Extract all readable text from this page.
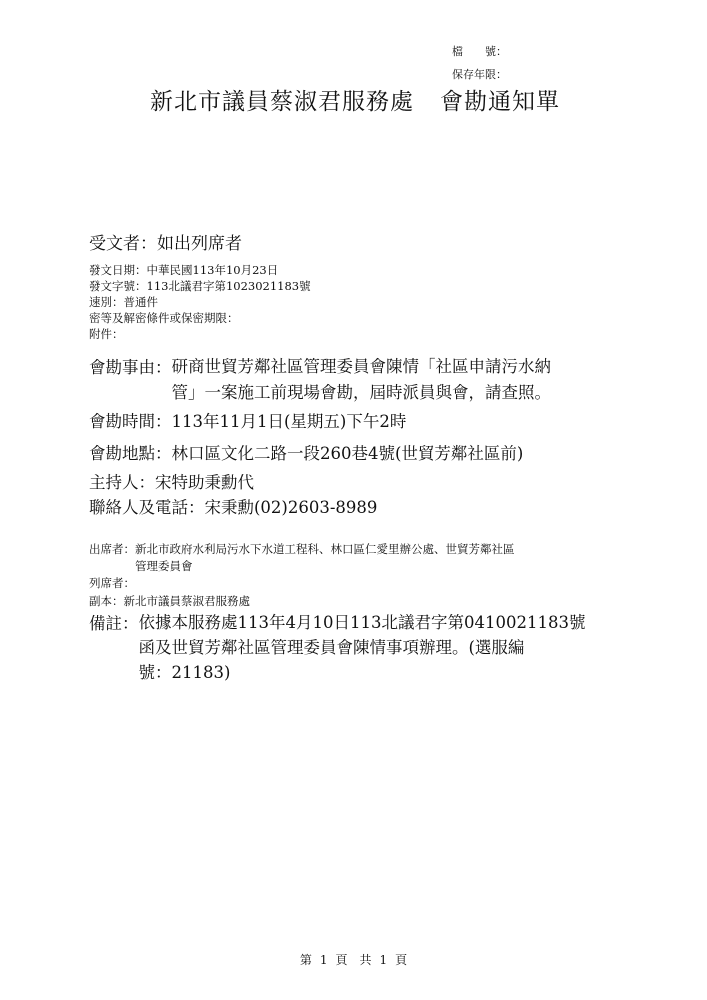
檔　　號：
保存年限：
新北市議員蔡淑君服務處 會勘通知單
受文者：如出列席者
發文日期：中華民國113年10月23日
發文字號：113北議君字第1023021183號
速別：普通件
密等及解密條件或保密期限：
附件：
會勘事由： 研商世貿芳鄰社區管理委員會陳情「社區申請污水納
管」一案施工前現場會勘，屆時派員與會，請查照。
會勘時間： 113年11月1日(星期五)下午2時
會勘地點： 林口區文化二路一段260巷4號(世貿芳鄰社區前)
主持人： 宋特助秉勳代
聯絡人及電話： 宋秉勳(02)2603-8989
出席者： 新北市政府水利局污水下水道工程科、林口區仁愛里辦公處、世貿芳鄰社區
管理委員會
列席者：
副本： 新北市議員蔡淑君服務處
備註： 依據本服務處113年4月10日113北議君字第0410021183號
函及世貿芳鄰社區管理委員會陳情事項辦理。(選服編
號：21183)
第 1 頁　共 1 頁
